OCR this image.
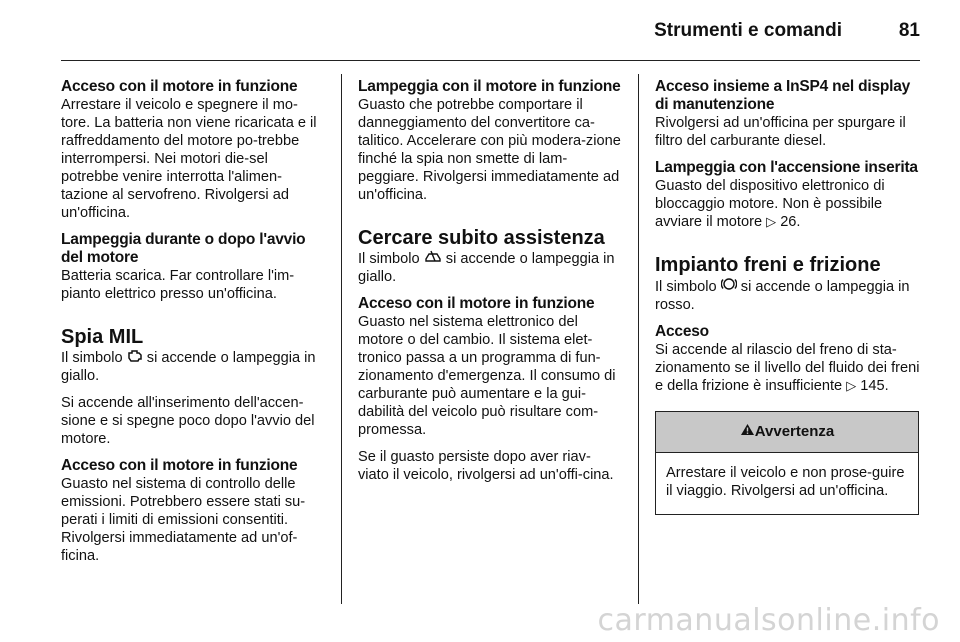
Strumenti e comandi	81
Acceso con il motore in funzione

Arrestare il veicolo e spegnere il mo-tore. La batteria non viene ricaricata e il raffreddamento del motore po-trebbe interrompersi. Nei motori die-sel potrebbe venire interrotta l'alimen-tazione al servofreno. Rivolgersi ad un'officina.

Lampeggia durante o dopo l'avvio del motore

Batteria scarica. Far controllare l'im-pianto elettrico presso un'officina.

Spia MIL

Il simbolo si accende o lampeggia in giallo.

Si accende all'inserimento dell'accen-sione e si spegne poco dopo l'avvio del motore.

Acceso con il motore in funzione

Guasto nel sistema di controllo delle emissioni. Potrebbero essere stati su-perati i limiti di emissioni consentiti. Rivolgersi immediatamente ad un'of-ficina.

Lampeggia con il motore in funzione

Guasto che potrebbe comportare il danneggiamento del convertitore ca-talitico. Accelerare con più modera-zione finché la spia non smette di lam-peggiare. Rivolgersi immediatamente ad un'officina.

Cercare subito assistenza

Il simbolo si accende o lampeggia in giallo.

Acceso con il motore in funzione

Guasto nel sistema elettronico del motore o del cambio. Il sistema elet-tronico passa a un programma di fun-zionamento d'emergenza. Il consumo di carburante può aumentare e la gui-dabilità del veicolo può risultare com-promessa.

Se il guasto persiste dopo aver riav-viato il veicolo, rivolgersi ad un'offi-cina.

Acceso insieme a InSP4 nel display di manutenzione

Rivolgersi ad un'officina per spurgare il filtro del carburante diesel.

Lampeggia con l'accensione inserita

Guasto del dispositivo elettronico di bloccaggio motore. Non è possibile avviare il motore ▷ 26.

Impianto freni e frizione

Il simbolo si accende o lampeggia in rosso.

Acceso

Si accende al rilascio del freno di sta-zionamento se il livello del fluido dei freni e della frizione è insufficiente ▷ 145.

Avvertenza
Arrestare il veicolo e non prose-guire il viaggio. Rivolgersi ad un'officina.
carmanualsonline.info
